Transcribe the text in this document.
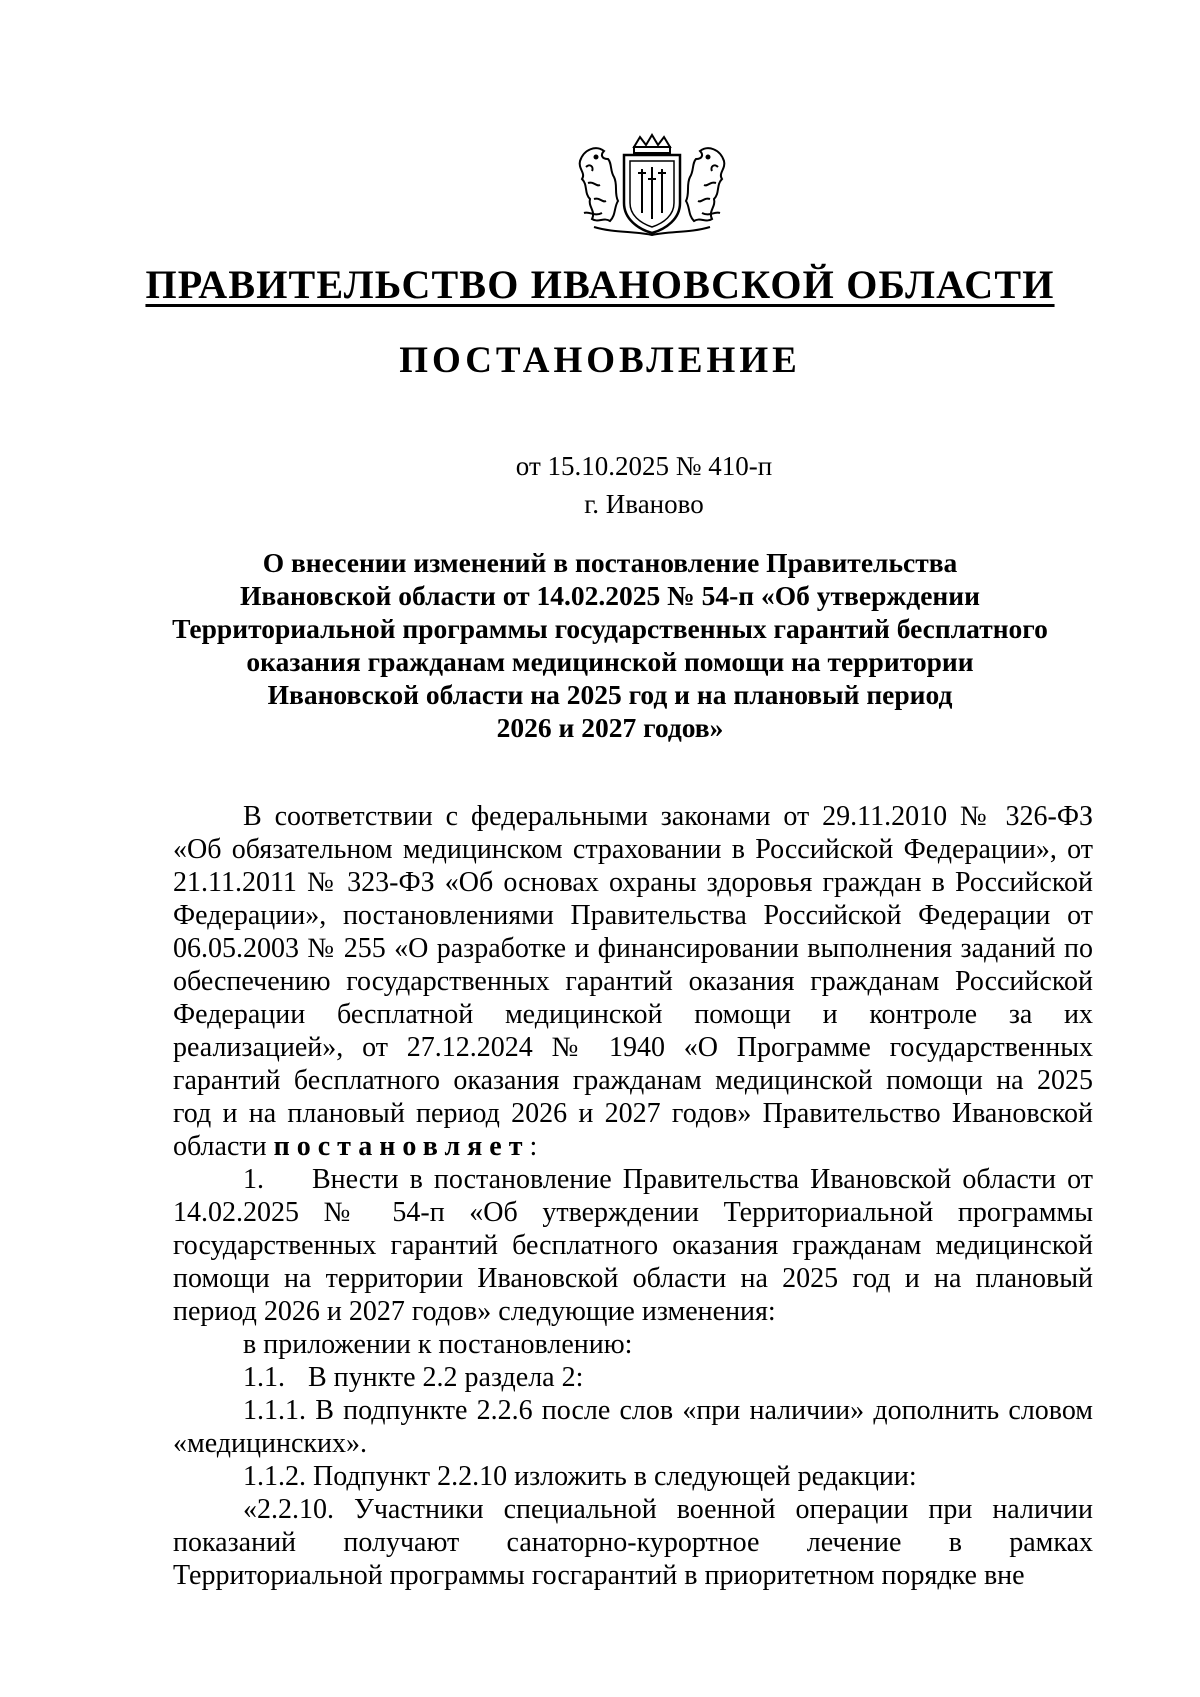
ПРАВИТЕЛЬСТВО ИВАНОВСКОЙ ОБЛАСТИ
ПОСТАНОВЛЕНИЕ
от 15.10.2025 № 410-п
г. Иваново
О внесении изменений в постановление Правительства
Ивановской области от 14.02.2025 № 54-п «Об утверждении
Территориальной программы государственных гарантий бесплатного
оказания гражданам медицинской помощи на территории
Ивановской области на 2025 год и на плановый период
2026 и 2027 годов»

В соответствии с федеральными законами от 29.11.2010 № 326-ФЗ «Об обязательном медицинском страховании в Российской Федерации», от 21.11.2011 № 323-ФЗ «Об основах охраны здоровья граждан в Российской Федерации», постановлениями Правительства Российской Федерации от 06.05.2003 № 255 «О разработке и финансировании выполнения заданий по обеспечению государственных гарантий оказания гражданам Российской Федерации бесплатной медицинской помощи и контроле за их реализацией», от 27.12.2024 № 1940 «О Программе государственных гарантий бесплатного оказания гражданам медицинской помощи на 2025 год и на плановый период 2026 и 2027 годов» Правительство Ивановской области постановляет:

1. Внести в постановление Правительства Ивановской области от 14.02.2025 № 54-п «Об утверждении Территориальной программы государственных гарантий бесплатного оказания гражданам медицинской помощи на территории Ивановской области на 2025 год и на плановый период 2026 и 2027 годов» следующие изменения:

в приложении к постановлению:

1.1. В пункте 2.2 раздела 2:

1.1.1. В подпункте 2.2.6 после слов «при наличии» дополнить словом «медицинских».

1.1.2. Подпункт 2.2.10 изложить в следующей редакции:

«2.2.10. Участники специальной военной операции при наличии показаний получают санаторно-курортное лечение в рамках Территориальной программы госгарантий в приоритетном порядке вне
